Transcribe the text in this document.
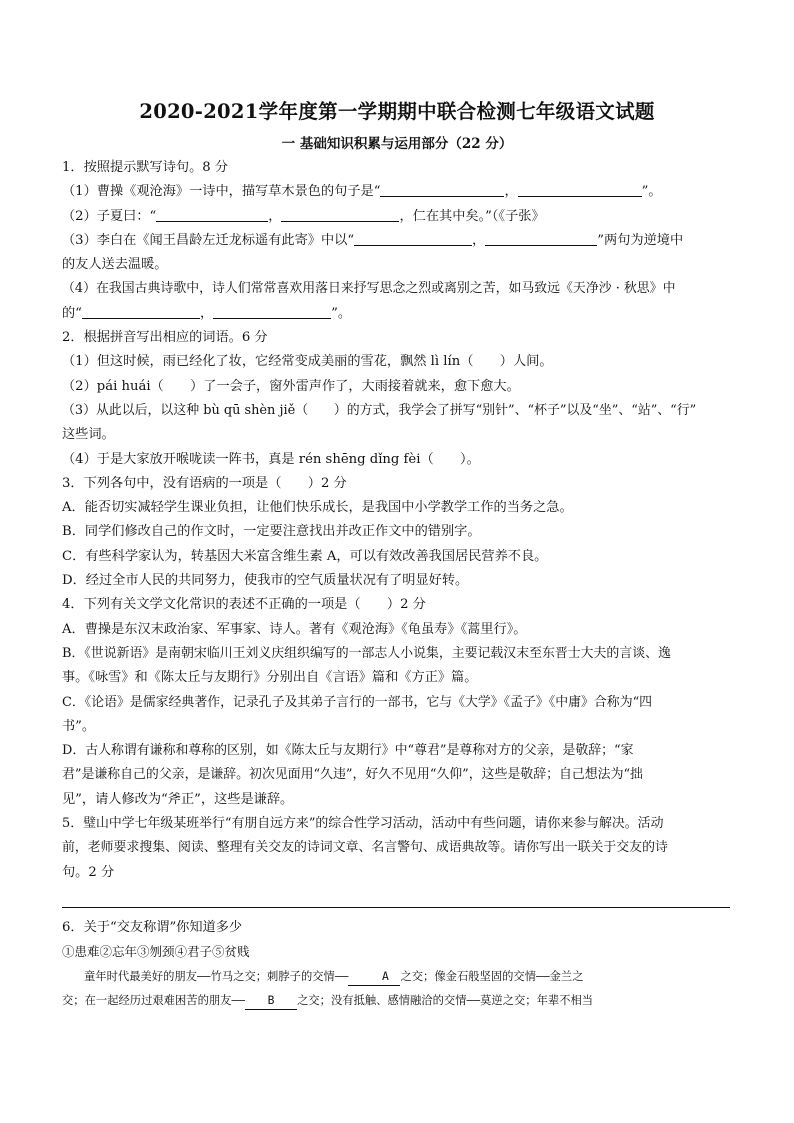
2020-2021学年度第一学期期中联合检测七年级语文试题
一 基础知识积累与运用部分（22 分）

1．按照提示默写诗句。8 分

（1）曹操《观沧海》一诗中，描写草木景色的句子是“	，	”。

（2）子夏曰：“	，	，仁在其中矣。”（《子张》

（3）李白在《闻王昌龄左迁龙标遥有此寄》中以“	，	”两句为逆境中

的友人送去温暖。

（4）在我国古典诗歌中，诗人们常常喜欢用落日来抒写思念之烈或离别之苦，如马致远《天净沙 · 秋思》中

的“	，	”。

2．根据拼音写出相应的词语。6 分

（1）但这时候，雨已经化了妆，它经常变成美丽的雪花，飘然 lì lín（　　）人间。

（2）pái huái（　　）了一会子，窗外雷声作了，大雨接着就来，愈下愈大。

（3）从此以后，以这种 bù qū shèn jiě（　　）的方式，我学会了拼写“别针”、“杯子”以及“坐”、“站”、“行”

这些词。

（4）于是大家放开喉咙读一阵书，真是 rén shēng dǐng fèi（　　）。

3．下列各句中，没有语病的一项是（　　）2 分

A．能否切实减轻学生课业负担，让他们快乐成长，是我国中小学教学工作的当务之急。

B．同学们修改自己的作文时，一定要注意找出并改正作文中的错别字。

C．有些科学家认为，转基因大米富含维生素 A，可以有效改善我国居民营养不良。

D．经过全市人民的共同努力，使我市的空气质量状况有了明显好转。

4．下列有关文学文化常识的表述不正确的一项是（　　）2 分

A．曹操是东汉末政治家、军事家、诗人。著有《观沧海》《龟虽寿》《蒿里行》。

B．《世说新语》是南朝宋临川王刘义庆组织编写的一部志人小说集，主要记载汉末至东晋士大夫的言谈、逸

事。《咏雪》和《陈太丘与友期行》分别出自《言语》篇和《方正》篇。

C．《论语》是儒家经典著作，记录孔子及其弟子言行的一部书，它与《大学》《孟子》《中庸》合称为“四

书”。

D．古人称谓有谦称和尊称的区别，如《陈太丘与友期行》中“尊君”是尊称对方的父亲，是敬辞；“家

君”是谦称自己的父亲，是谦辞。初次见面用“久违”，好久不见用“久仰”，这些是敬辞；自己想法为“拙

见”，请人修改为“斧正”，这些是谦辞。

5．璧山中学七年级某班举行“有朋自远方来”的综合性学习活动，活动中有些问题，请你来参与解决。活动

前，老师要求搜集、阅读、整理有关交友的诗词文章、名言警句、成语典故等。请你写出一联关于交友的诗

句。2 分

6．关于“交友称谓”你知道多少

①患难②忘年③刎颈④君子⑤贫贱

童年时代最美好的朋友——竹马之交；刺脖子的交情——	A 之交；像金石般坚固的交情——金兰之

交；在一起经历过艰难困苦的朋友—— B 之交；没有抵触、感情融洽的交情——莫逆之交；年辈不相当
